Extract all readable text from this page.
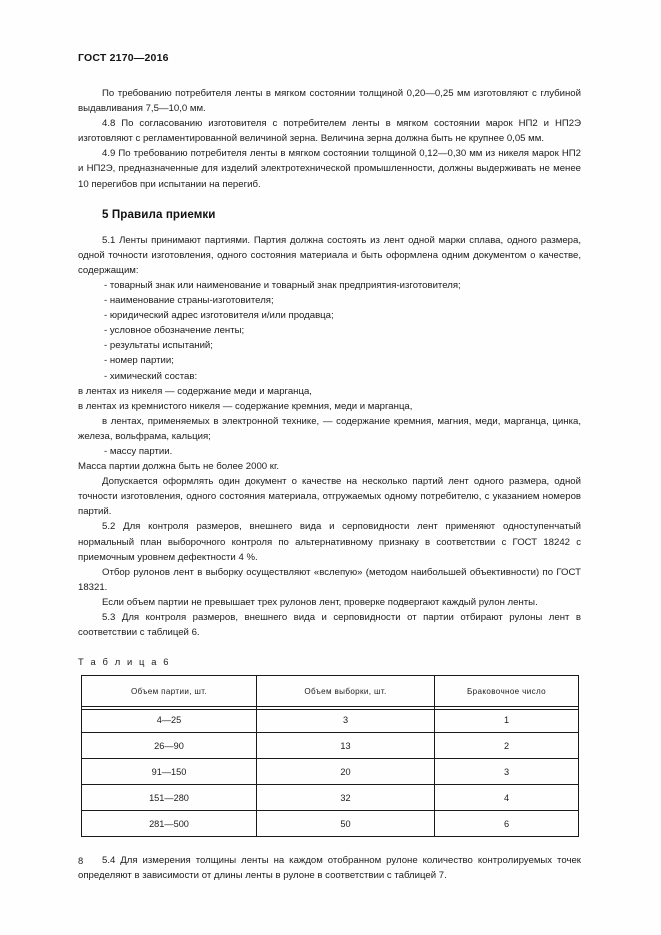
ГОСТ 2170—2016

По требованию потребителя ленты в мягком состоянии толщиной 0,20—0,25 мм изготовляют с глубиной выдавливания 7,5—10,0 мм.

4.8 По согласованию изготовителя с потребителем ленты в мягком состоянии марок НП2 и НП2Э изготовляют с регламентированной величиной зерна. Величина зерна должна быть не крупнее 0,05 мм.

4.9 По требованию потребителя ленты в мягком состоянии толщиной 0,12—0,30 мм из никеля марок НП2 и НП2Э, предназначенные для изделий электротехнической промышленности, должны выдерживать не менее 10 перегибов при испытании на перегиб.

5 Правила приемки

5.1 Ленты принимают партиями. Партия должна состоять из лент одной марки сплава, одного размера, одной точности изготовления, одного состояния материала и быть оформлена одним документом о качестве, содержащим:

- товарный знак или наименование и товарный знак предприятия-изготовителя;

- наименование страны-изготовителя;

- юридический адрес изготовителя и/или продавца;

- условное обозначение ленты;

- результаты испытаний;

- номер партии;

- химический состав:

в лентах из никеля — содержание меди и марганца,

в лентах из кремнистого никеля — содержание кремния, меди и марганца,

в лентах, применяемых в электронной технике, — содержание кремния, магния, меди, марганца, цинка, железа, вольфрама, кальция;

- массу партии.

Масса партии должна быть не более 2000 кг.

Допускается оформлять один документ о качестве на несколько партий лент одного размера, одной точности изготовления, одного состояния материала, отгружаемых одному потребителю, с указанием номеров партий.

5.2 Для контроля размеров, внешнего вида и серповидности лент применяют одноступенчатый нормальный план выборочного контроля по альтернативному признаку в соответствии с ГОСТ 18242 с приемочным уровнем дефектности 4 %.

Отбор рулонов лент в выборку осуществляют «вслепую» (методом наибольшей объективности) по ГОСТ 18321.

Если объем партии не превышает трех рулонов лент, проверке подвергают каждый рулон ленты.

5.3 Для контроля размеров, внешнего вида и серповидности от партии отбирают рулоны лент в соответствии с таблицей 6.

Т а б л и ц а 6

Объем партии, шт.	Объем выборки, шт.	Браковочное число
4—25	3	1
26—90	13	2
91—150	20	3
151—280	32	4
281—500	50	6

5.4 Для измерения толщины ленты на каждом отобранном рулоне количество контролируемых точек определяют в зависимости от длины ленты в рулоне в соответствии с таблицей 7.

8
